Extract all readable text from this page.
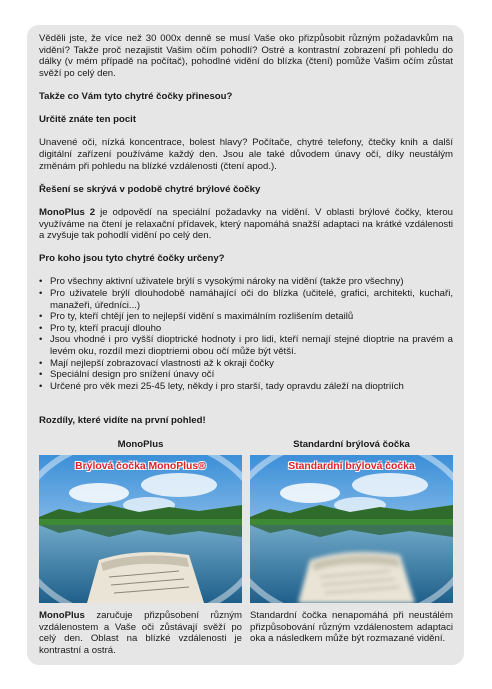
Věděli jste, že více než 30 000x denně se musí Vaše oko přizpůsobit různým požadavkům na vidění? Takže proč nezajistit Vašim očím pohodlí? Ostré a kontrastní zobrazení při pohledu do dálky (v mém případě na počítač), pohodlné vidění do blízka (čtení) pomůže Vašim očím zůstat svěží po celý den.

Takže co Vám tyto chytré čočky přinesou?

Určitě znáte ten pocit

Unavené oči, nízká koncentrace, bolest hlavy? Počítače, chytré telefony, čtečky knih a další digitální zařízení používáme každý den. Jsou ale také důvodem únavy očí, díky neustálým změnám při pohledu na blízké vzdálenosti (čtení apod.).

Řešení se skrývá v podobě chytré brýlové čočky

MonoPlus 2 je odpovědí na speciální požadavky na vidění. V oblasti brýlové čočky, kterou využíváme na čtení je relaxační přídavek, který napomáhá snažší adaptaci na krátké vzdálenosti a zvyšuje tak pohodlí vidění po celý den.

Pro koho jsou tyto chytré čočky určeny?

• Pro všechny aktivní uživatele brýlí s vysokými nároky na vidění (takže pro všechny)
• Pro uživatele brýlí dlouhodobě namáhající oči do blízka (učitelé, grafici, architekti, kuchaři, manažeři, úředníci...)
• Pro ty, kteří chtějí jen to nejlepší vidění s maximálním rozlišením detailů
• Pro ty, kteří pracují dlouho
• Jsou vhodné i pro vyšší dioptrické hodnoty i pro lidi, kteří nemají stejné dioptrie na pravém a levém oku, rozdíl mezi dioptriemi obou očí může být větší.
• Mají nejlepší zobrazovací vlastnosti až k okraji čočky
• Speciální design pro snížení únavy očí
• Určené pro věk mezi 25-45 lety, někdy i pro starší, tady opravdu záleží na dioptriích

Rozdíly, které vidíte na první pohled!

MonoPlus
Brýlová čočka MonoPlus®

MonoPlus zaručuje přizpůsobení různým vzdálenostem a Vaše oči zůstávají svěží po celý den. Oblast na blízké vzdálenosti je kontrastní a ostrá.

Standardní brýlová čočka
Standardní brýlová čočka

Standardní čočka nenapomáhá při neustálém přizpůsobování různým vzdálenostem adaptaci oka a následkem může být rozmazané vidění.
